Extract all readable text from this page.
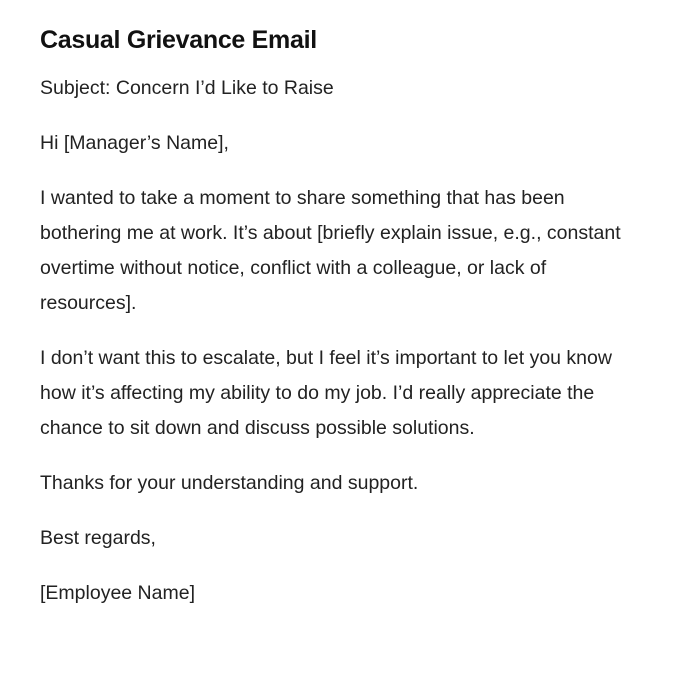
Casual Grievance Email

Subject: Concern I’d Like to Raise

Hi [Manager’s Name],

I wanted to take a moment to share something that has been bothering me at work. It’s about [briefly explain issue, e.g., constant overtime without notice, conflict with a colleague, or lack of resources].

I don’t want this to escalate, but I feel it’s important to let you know how it’s affecting my ability to do my job. I’d really appreciate the chance to sit down and discuss possible solutions.

Thanks for your understanding and support.

Best regards,

[Employee Name]
